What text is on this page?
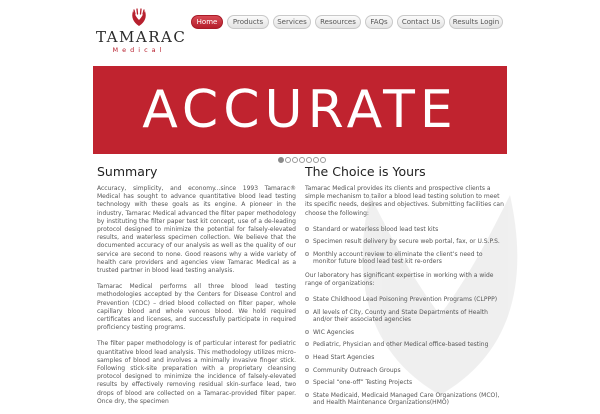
TAMARAC
Medical
Home	Products	Services	Resources	FAQs	Contact Us	Results Login
ACCURATE
Summary

Accuracy, simplicity, and economy...since 1993 Tamarac® Medical has sought to advance quantitative blood lead testing technology with these goals as its engine. A pioneer in the industry, Tamarac Medical advanced the filter paper methodology by instituting the filter paper test kit concept, use of a de-leading protocol designed to minimize the potential for falsely-elevated results, and waterless specimen collection. We believe that the documented accuracy of our analysis as well as the quality of our service are second to none. Good reasons why a wide variety of health care providers and agencies view Tamarac Medical as a trusted partner in blood lead testing analysis.

Tamarac Medical performs all three blood lead testing methodologies accepted by the Centers for Disease Control and Prevention (CDC) – dried blood collected on filter paper, whole capillary blood and whole venous blood. We hold required certificates and licenses, and successfully participate in required proficiency testing programs.

The filter paper methodology is of particular interest for pediatric quantitative blood lead analysis. This methodology utilizes micro-samples of blood and involves a minimally invasive finger stick. Following stick-site preparation with a proprietary cleansing protocol designed to minimize the incidence of falsely-elevated results by effectively removing residual skin-surface lead, two drops of blood are collected on a Tamarac-provided filter paper. Once dry, the specimen

The Choice is Yours

Tamarac Medical provides its clients and prospective clients a simple mechanism to tailor a blood lead testing solution to meet its specific needs, desires and objectives. Submitting facilities can choose the following:

Standard or waterless blood lead test kits
Specimen result delivery by secure web portal, fax, or U.S.P.S.
Monthly account review to eliminate the client’s need to monitor future blood lead test kit re-orders

Our laboratory has significant expertise in working with a wide range of organizations:

State Childhood Lead Poisoning Prevention Programs (CLPPP)
All levels of City, County and State Departments of Health and/or their associated agencies
WIC Agencies
Pediatric, Physician and other Medical office-based testing
Head Start Agencies
Community Outreach Groups
Special “one-off” Testing Projects
State Medicaid, Medicaid Managed Care Organizations (MCO), and Health Maintenance Organizations(HMO)
